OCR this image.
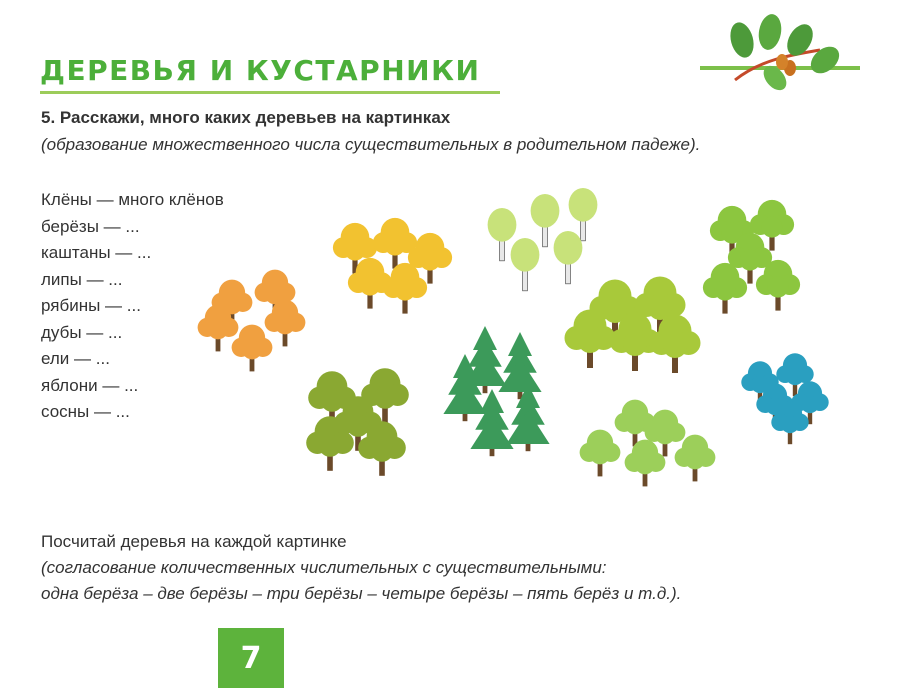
ДЕРЕВЬЯ И КУСТАРНИКИ
5. Расскажи, много каких деревьев на картинках
(образование множественного числа существительных в родительном падеже).
Клёны — много клёнов
берёзы — ...
каштаны — ...
липы — ...
рябины — ...
дубы — ...
ели — ...
яблони — ...
сосны — ...
Посчитай деревья на каждой картинке
(согласование количественных числительных с существительными:
одна берёза – две берёзы – три берёзы – четыре берёзы – пять берёз и т.д.).
7
